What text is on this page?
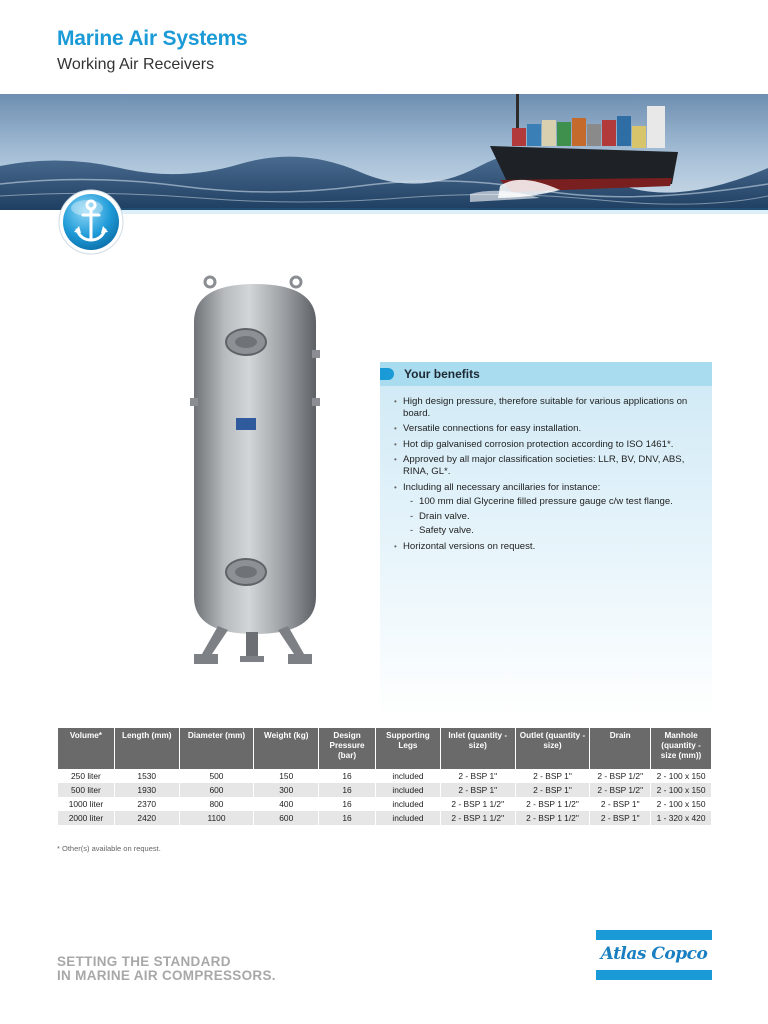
Marine Air Systems
Working Air Receivers
Your benefits
• High design pressure, therefore suitable for various applications on board.
• Versatile connections for easy installation.
• Hot dip galvanised corrosion protection according to ISO 1461*.
• Approved by all major classification societies: LLR, BV, DNV, ABS, RINA, GL*.
• Including all necessary ancillaries for instance:
- 100 mm dial Glycerine filled pressure gauge c/w test flange.
- Drain valve.
- Safety valve.
• Horizontal versions on request.
Volume*	Length (mm)	Diameter (mm)	Weight (kg)	Design Pressure (bar)	Supporting Legs	Inlet (quantity - size)	Outlet (quantity - size)	Drain	Manhole (quantity - size (mm))
250 liter	1530	500	150	16	included	2 - BSP 1"	2 - BSP 1"	2 - BSP 1/2"	2 - 100 x 150
500 liter	1930	600	300	16	included	2 - BSP 1"	2 - BSP 1"	2 - BSP 1/2"	2 - 100 x 150
1000 liter	2370	800	400	16	included	2 - BSP 1 1/2"	2 - BSP 1 1/2"	2 - BSP 1"	2 - 100 x 150
2000 liter	2420	1100	600	16	included	2 - BSP 1 1/2"	2 - BSP 1 1/2"	2 - BSP 1"	1 - 320 x 420
* Other(s) available on request.
SETTING THE STANDARD
IN MARINE AIR COMPRESSORS.
Atlas Copco
